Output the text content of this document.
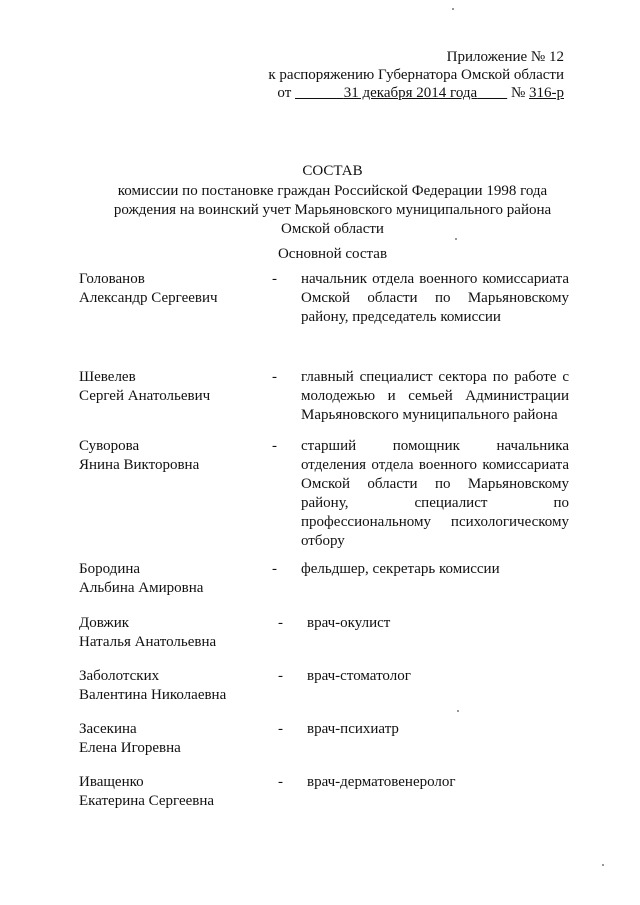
Приложение № 12
к распоряжению Губернатора Омской области
от	31 декабря 2014 года № 316-р
СОСТАВ
комиссии по постановке граждан Российской Федерации 1998 года
рождения на воинский учет Марьяновского муниципального района
Омской области
Основной состав
Голованов
Александр Сергеевич
- начальник отдела военного комиссариата Омской области по Марьяновскому району, председатель комиссии
Шевелев
Сергей Анатольевич
- главный специалист сектора по работе с молодежью и семьей Администрации Марьяновского муниципального района
Суворова
Янина Викторовна
- старший помощник начальника отделения отдела военного комиссариата Омской области по Марьяновскому району, специалист по профессиональному психологическому отбору
Бородина
Альбина Амировна
- фельдшер, секретарь комиссии
Довжик
Наталья Анатольевна
- врач-окулист
Заболотских
Валентина Николаевна
- врач-стоматолог
Засекина
Елена Игоревна
- врач-психиатр
Иващенко
Екатерина Сергеевна
- врач-дерматовенеролог
